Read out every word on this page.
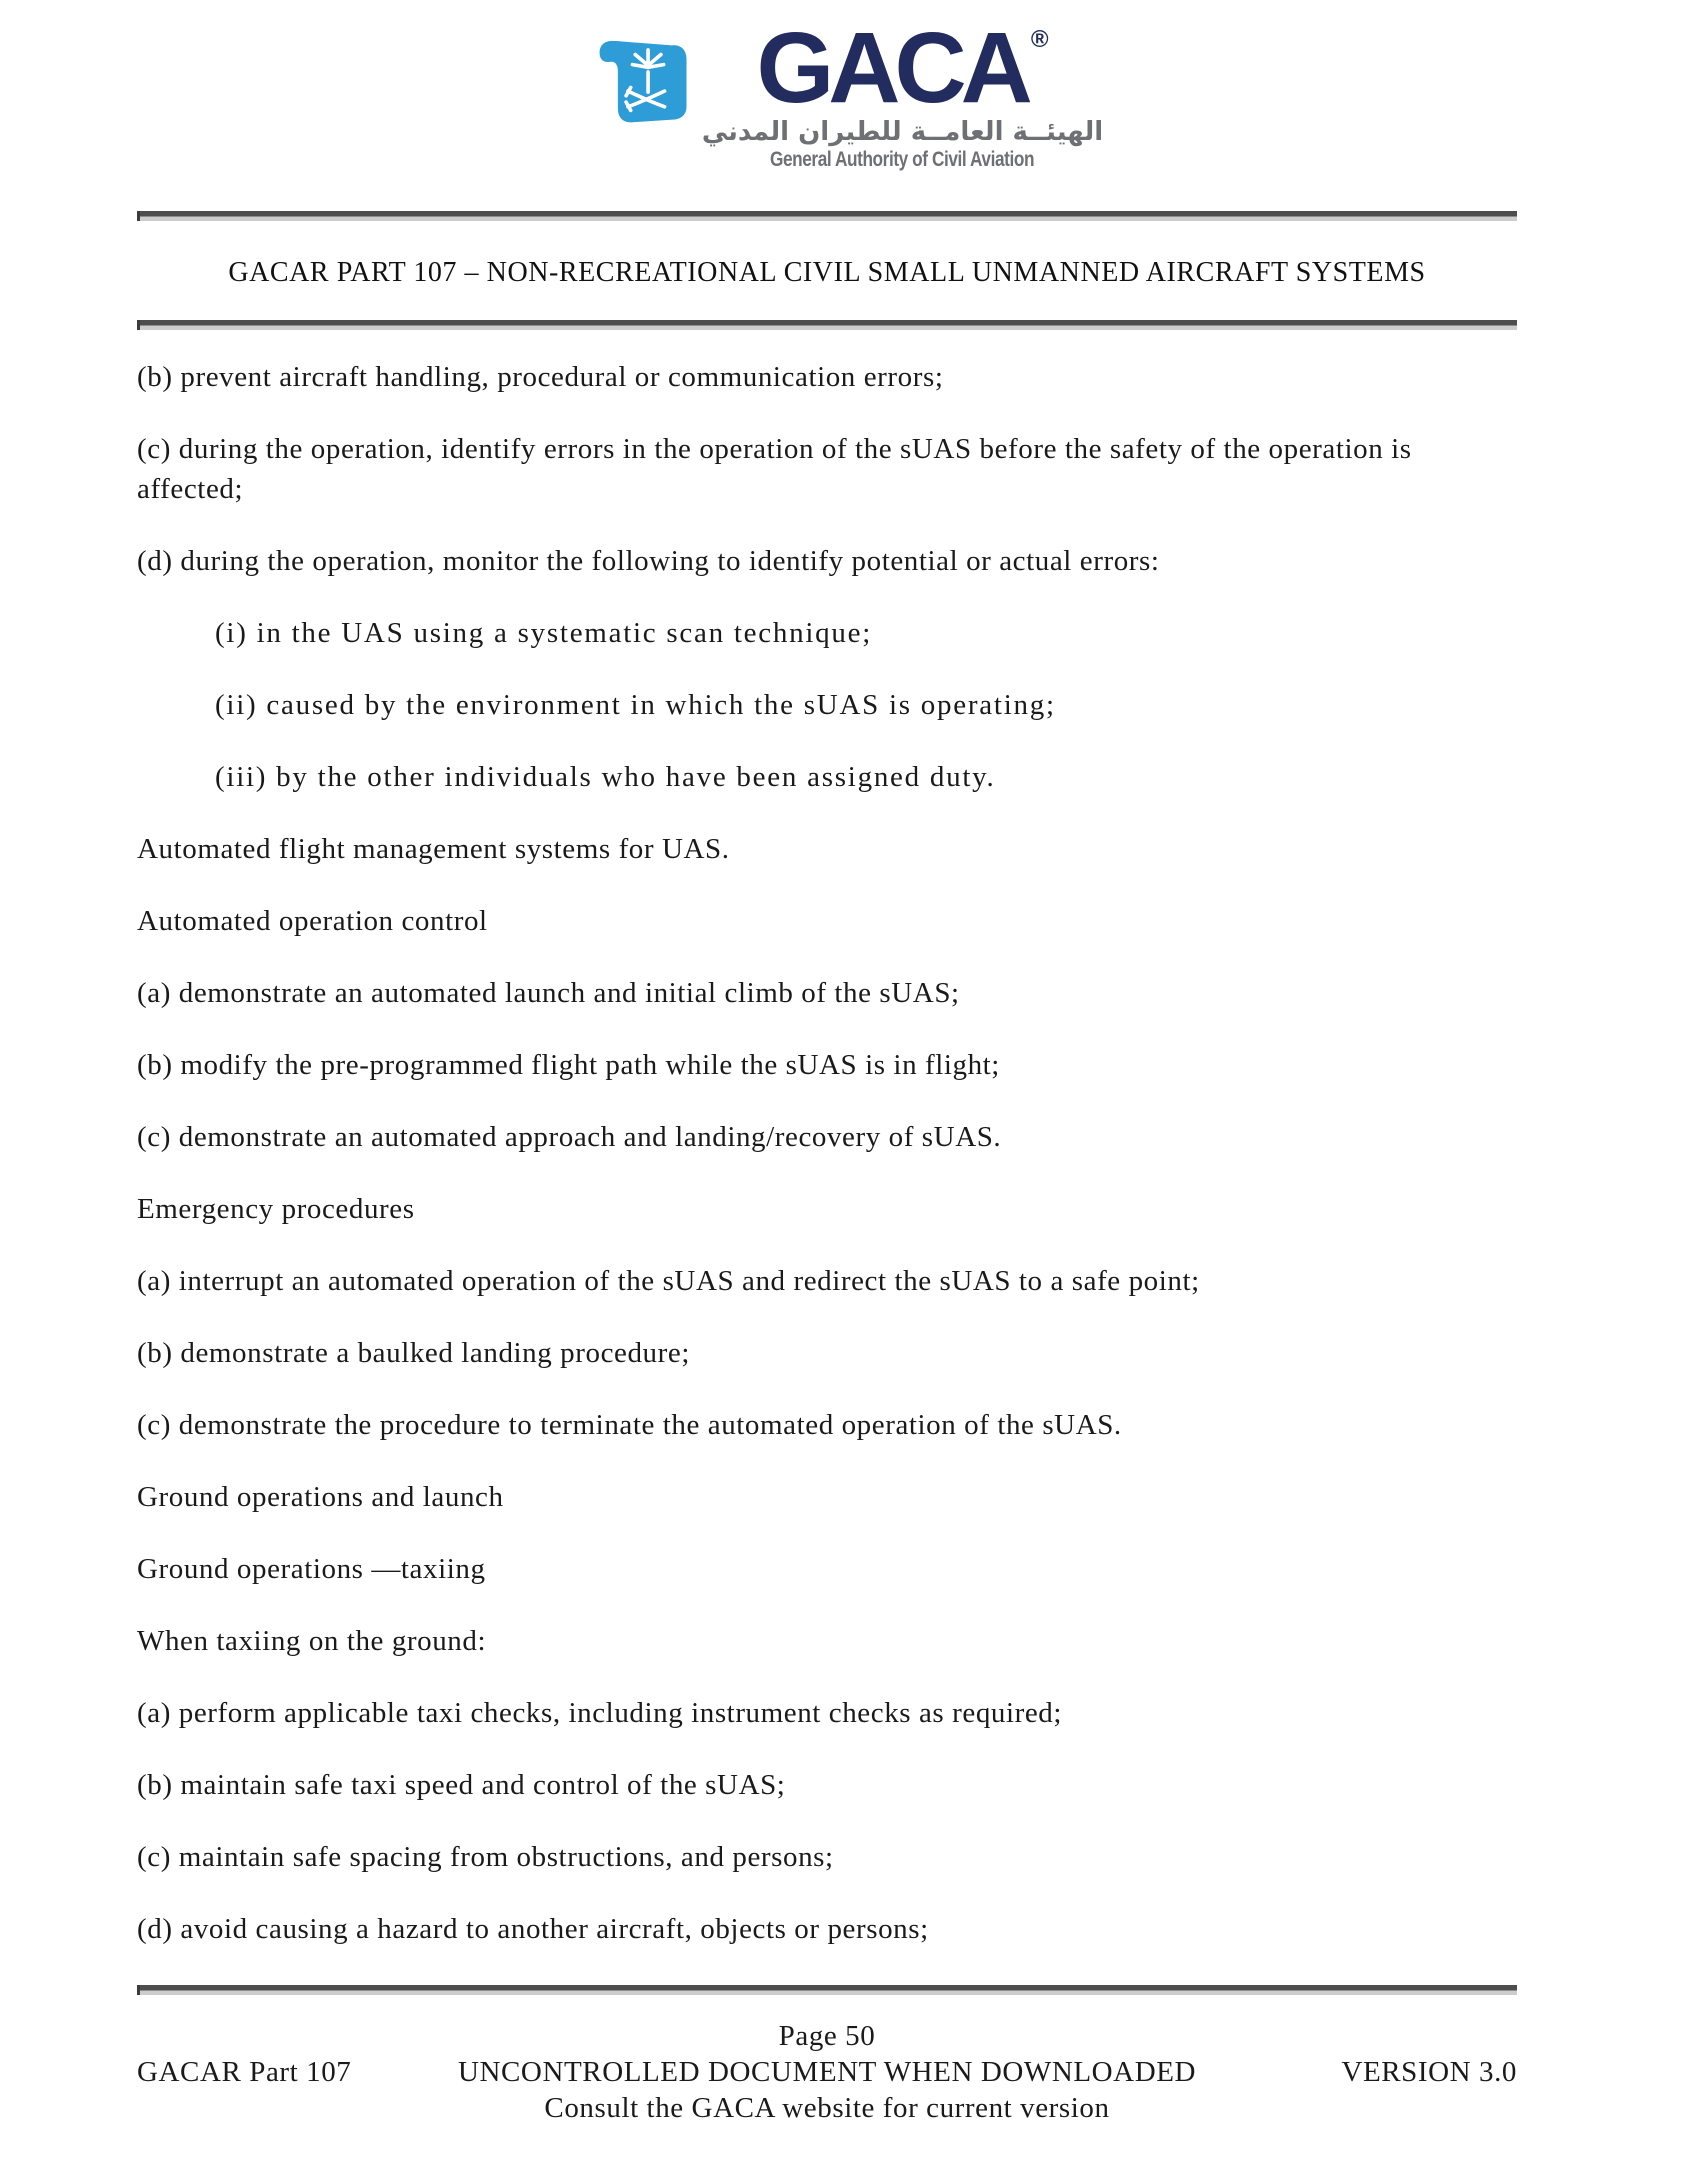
GACA ®
الهيئــة العامــة للطيران المدني
General Authority of Civil Aviation
GACAR PART 107 – NON-RECREATIONAL CIVIL SMALL UNMANNED AIRCRAFT SYSTEMS

(b) prevent aircraft handling, procedural or communication errors;

(c) during the operation, identify errors in the operation of the sUAS before the safety of the operation is affected;

(d) during the operation, monitor the following to identify potential or actual errors:

(i) in the UAS using a systematic scan technique;

(ii) caused by the environment in which the sUAS is operating;

(iii) by the other individuals who have been assigned duty.

Automated flight management systems for UAS.

Automated operation control

(a) demonstrate an automated launch and initial climb of the sUAS;

(b) modify the pre-programmed flight path while the sUAS is in flight;

(c) demonstrate an automated approach and landing/recovery of sUAS.

Emergency procedures

(a) interrupt an automated operation of the sUAS and redirect the sUAS to a safe point;

(b) demonstrate a baulked landing procedure;

(c) demonstrate the procedure to terminate the automated operation of the sUAS.

Ground operations and launch

Ground operations —taxiing

When taxiing on the ground:

(a) perform applicable taxi checks, including instrument checks as required;

(b) maintain safe taxi speed and control of the sUAS;

(c) maintain safe spacing from obstructions, and persons;

(d) avoid causing a hazard to another aircraft, objects or persons;

Page 50
GACAR Part 107	UNCONTROLLED DOCUMENT WHEN DOWNLOADED	VERSION 3.0
Consult the GACA website for current version
